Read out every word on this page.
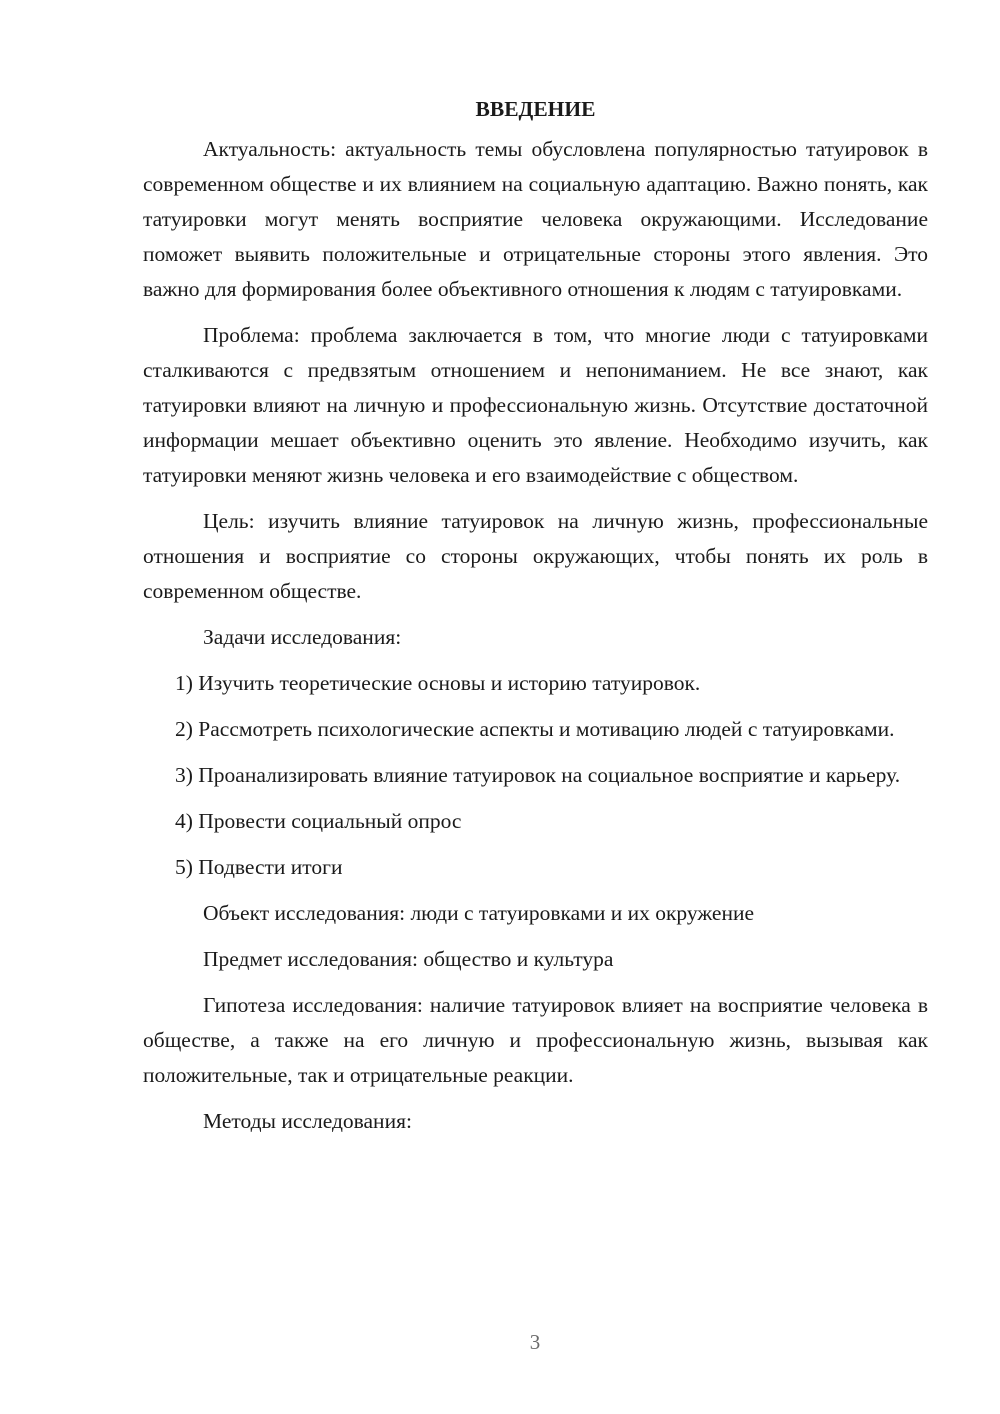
ВВЕДЕНИЕ

Актуальность: актуальность темы обусловлена популярностью татуировок в современном обществе и их влиянием на социальную адаптацию. Важно понять, как татуировки могут менять восприятие человека окружающими. Исследование поможет выявить положительные и отрицательные стороны этого явления. Это важно для формирования более объективного отношения к людям с татуировками.

Проблема: проблема заключается в том, что многие люди с татуировками сталкиваются с предвзятым отношением и непониманием. Не все знают, как татуировки влияют на личную и профессиональную жизнь. Отсутствие достаточной информации мешает объективно оценить это явление. Необходимо изучить, как татуировки меняют жизнь человека и его взаимодействие с обществом.

Цель: изучить влияние татуировок на личную жизнь, профессиональные отношения и восприятие со стороны окружающих, чтобы понять их роль в современном обществе.

Задачи исследования:

1) Изучить теоретические основы и историю татуировок.

2) Рассмотреть психологические аспекты и мотивацию людей с татуировками.

3) Проанализировать влияние татуировок на социальное восприятие и карьеру.

4) Провести социальный опрос

5) Подвести итоги

Объект исследования: люди с татуировками и их окружение

Предмет исследования: общество и культура

Гипотеза исследования: наличие татуировок влияет на восприятие человека в обществе, а также на его личную и профессиональную жизнь, вызывая как положительные, так и отрицательные реакции.

Методы исследования:

3
